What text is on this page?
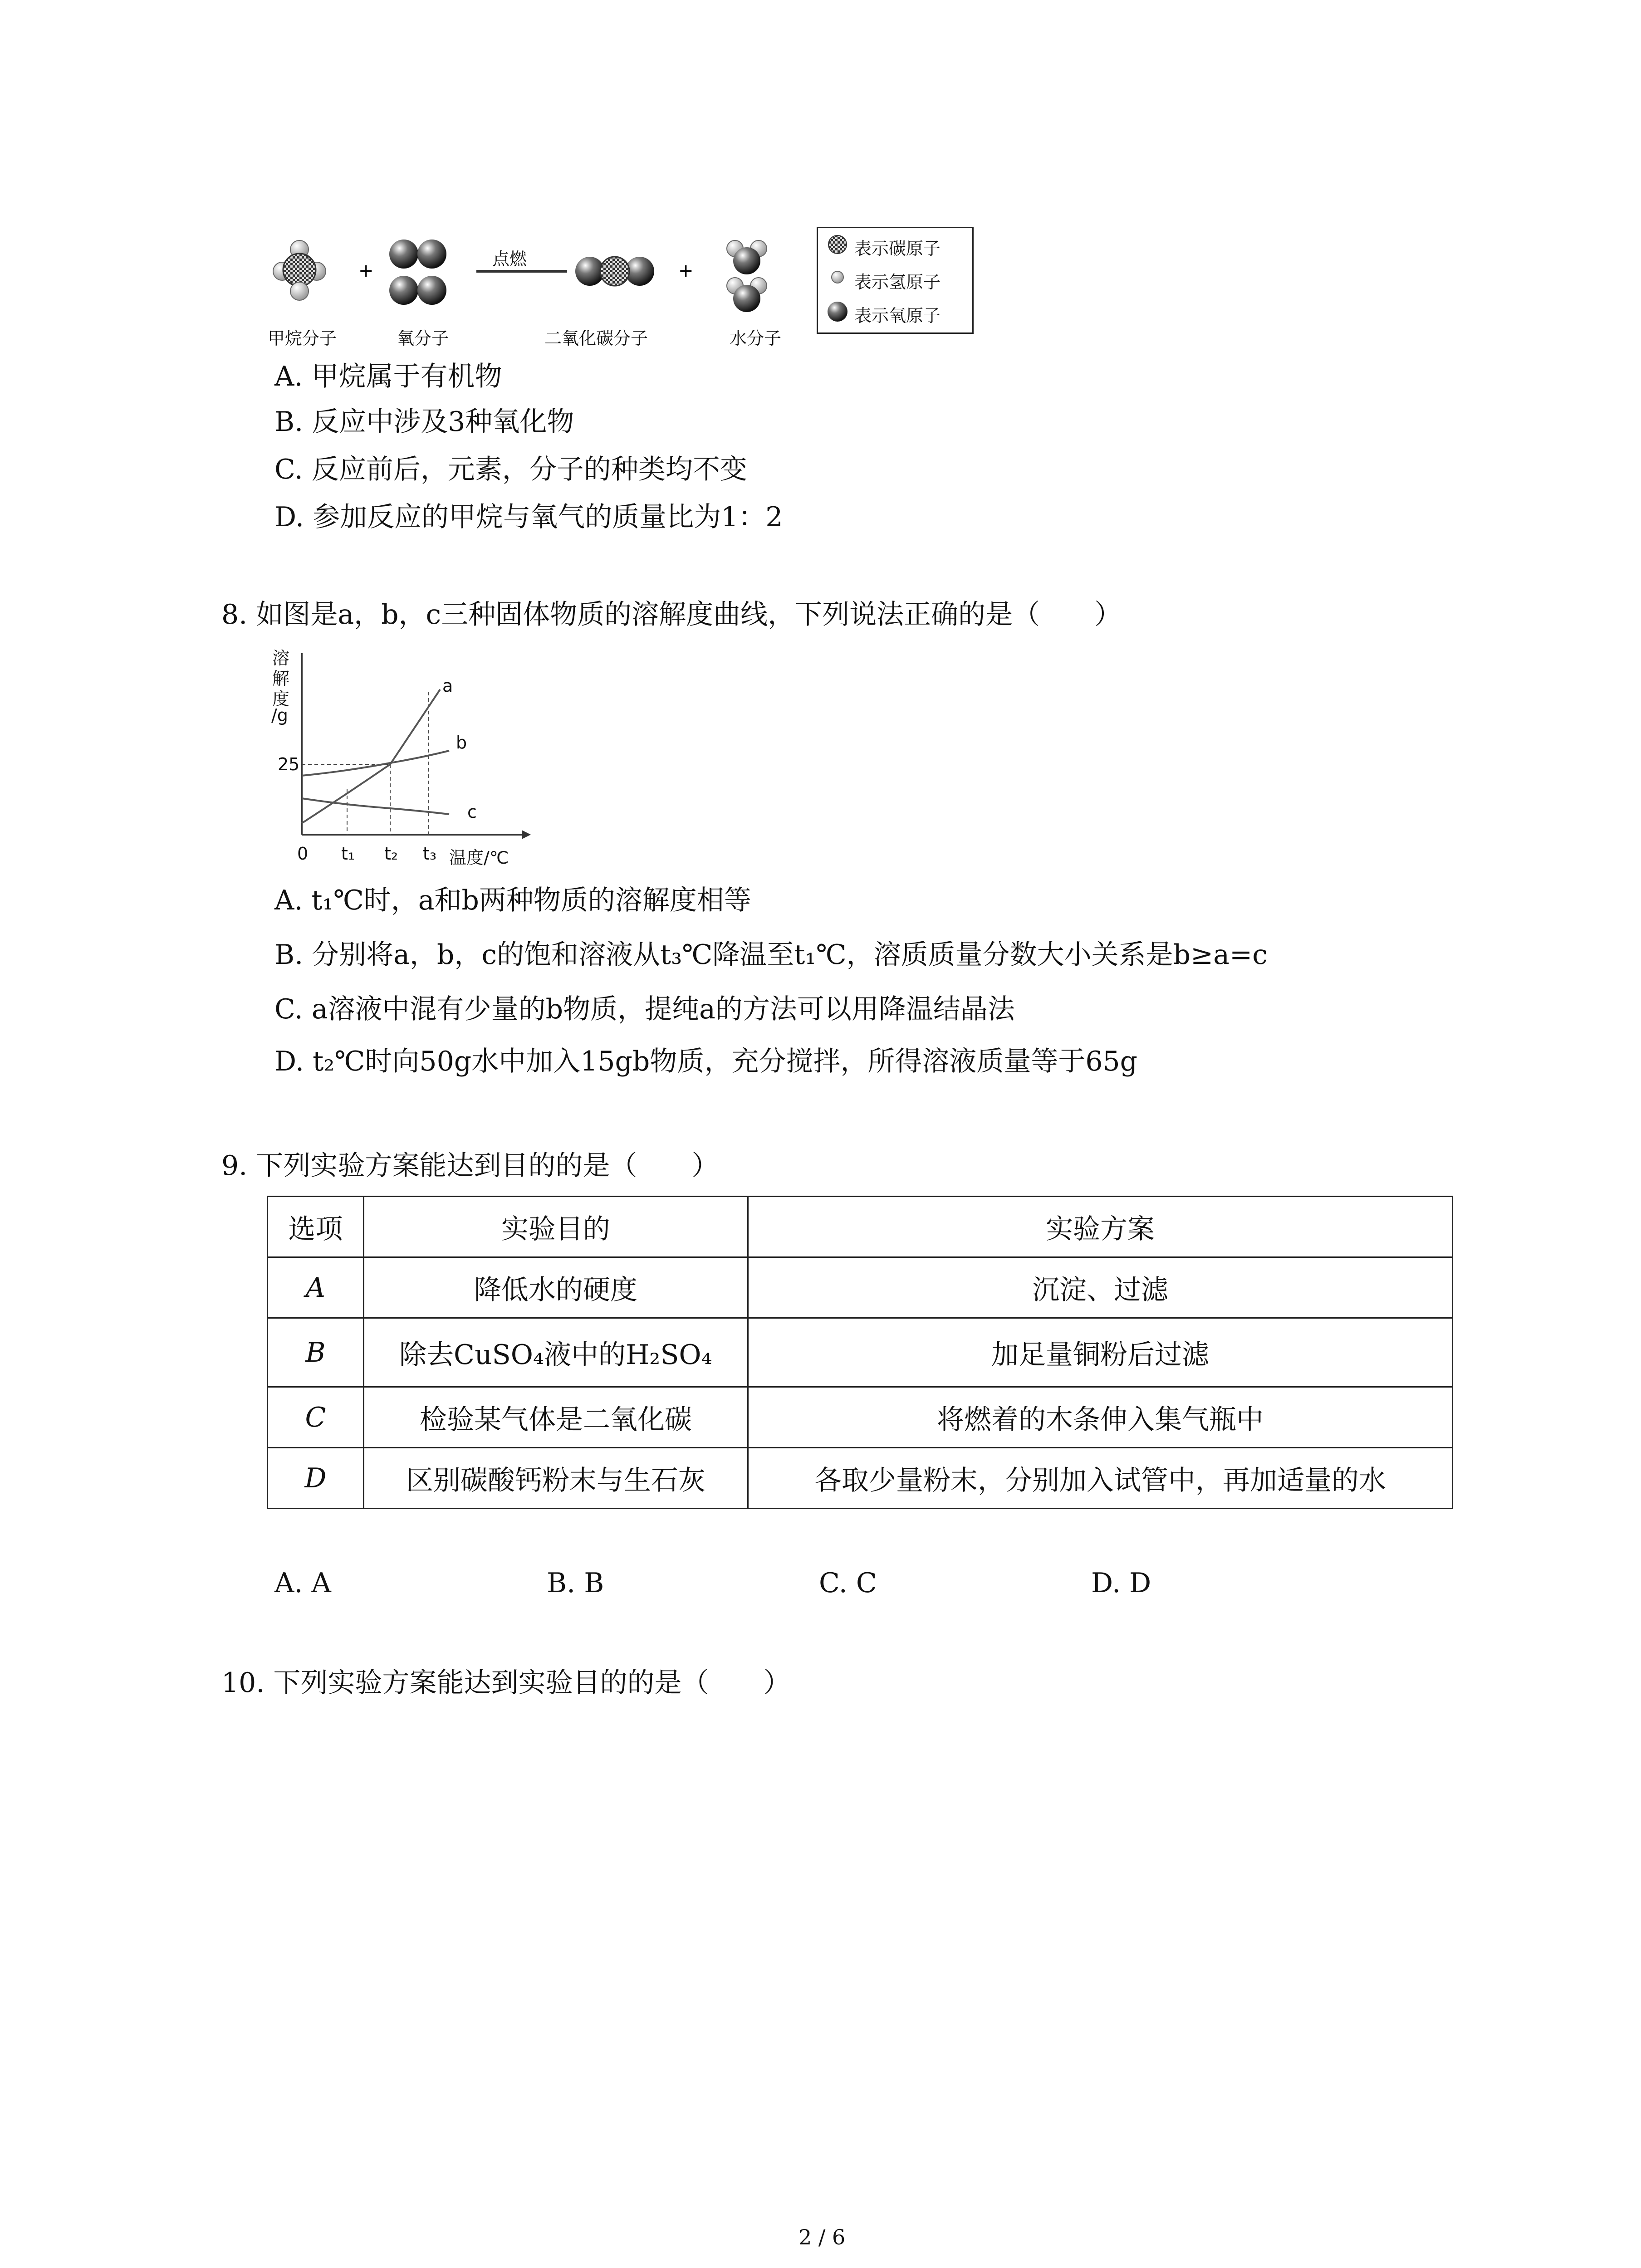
+	+
点燃
甲烷分子	氧分子	二氧化碳分子	水分子
表示碳原子
表示氢原子
表示氧原子
A. 甲烷属于有机物
B. 反应中涉及3种氧化物
C. 反应前后，元素，分子的种类均不变
D. 参加反应的甲烷与氧气的质量比为1：2
8. 如图是a，b，c三种固体物质的溶解度曲线，下列说法正确的是（　　）
溶
解
度
/g
25
0 t₁ t₂ t₃ 温度/℃
a
b
c
A. t₁℃时，a和b两种物质的溶解度相等
B. 分别将a，b，c的饱和溶液从t₃℃降温至t₁℃，溶质质量分数大小关系是b≥a=c
C. a溶液中混有少量的b物质，提纯a的方法可以用降温结晶法
D. t₂℃时向50g水中加入15gb物质，充分搅拌，所得溶液质量等于65g
9. 下列实验方案能达到目的的是（　　）
选项	实验目的	实验方案
A	降低水的硬度	沉淀、过滤
B	除去CuSO₄液中的H₂SO₄	加足量铜粉后过滤
C	检验某气体是二氧化碳	将燃着的木条伸入集气瓶中
D	区别碳酸钙粉末与生石灰	各取少量粉末，分别加入试管中，再加适量的水
A. A	B. B	C. C	D. D
10. 下列实验方案能达到实验目的的是（　　）
2 / 6
